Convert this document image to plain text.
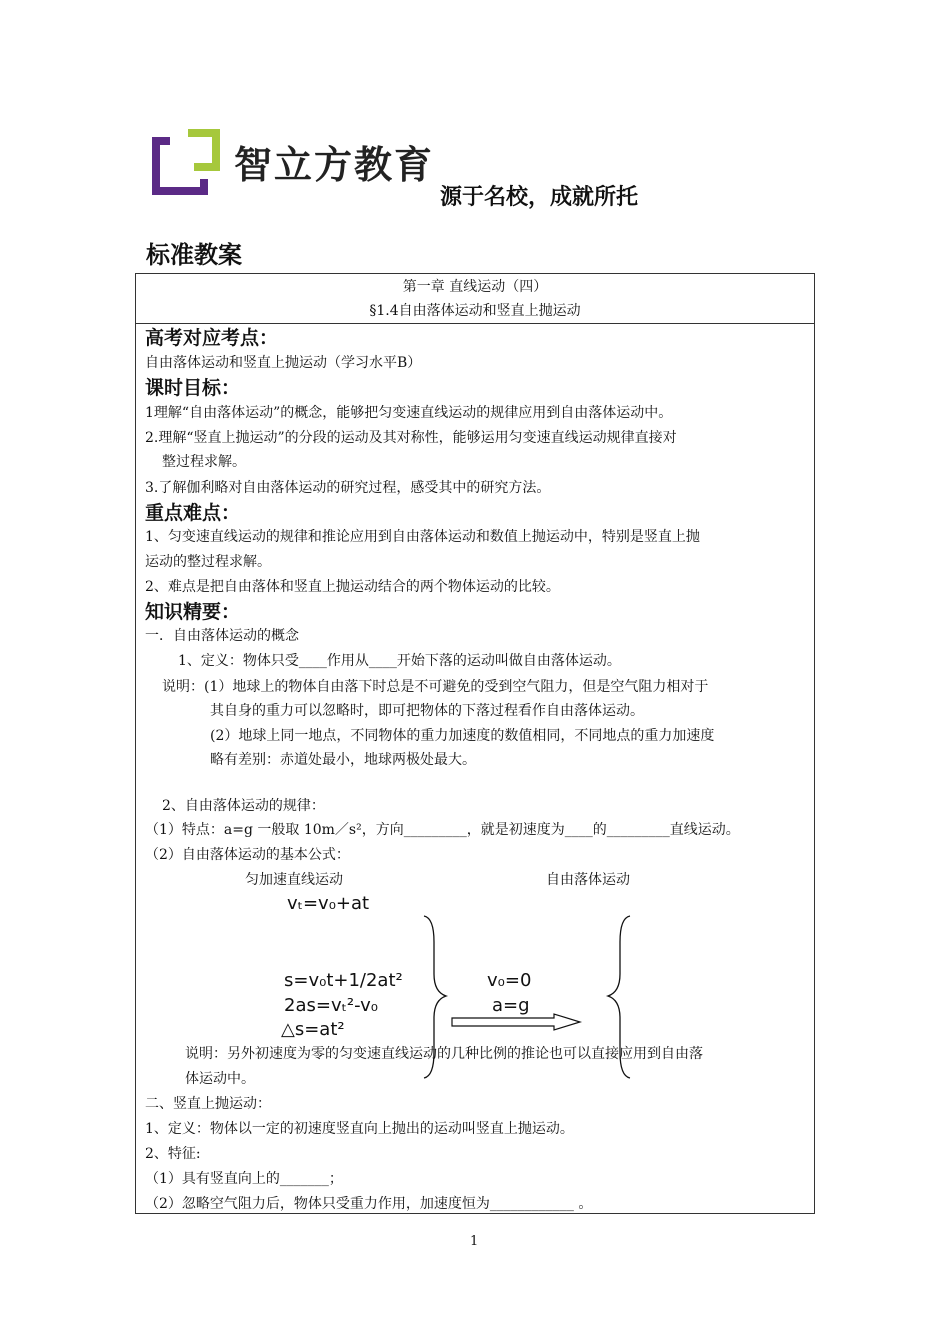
智立方教育
源于名校，成就所托
标准教案
第一章 直线运动（四）
§1.4自由落体运动和竖直上抛运动
高考对应考点：
自由落体运动和竖直上抛运动（学习水平B）
课时目标：
1理解“自由落体运动”的概念，能够把匀变速直线运动的规律应用到自由落体运动中。
2.理解“竖直上抛运动”的分段的运动及其对称性，能够运用匀变速直线运动规律直接对
整过程求解。
3.了解伽利略对自由落体运动的研究过程，感受其中的研究方法。
重点难点：
1、匀变速直线运动的规律和推论应用到自由落体运动和数值上抛运动中，特别是竖直上抛
运动的整过程求解。
2、难点是把自由落体和竖直上抛运动结合的两个物体运动的比较。
知识精要：
一．自由落体运动的概念
1、定义：物体只受____作用从____开始下落的运动叫做自由落体运动。
说明：(1）地球上的物体自由落下时总是不可避免的受到空气阻力，但是空气阻力相对于
其自身的重力可以忽略时，即可把物体的下落过程看作自由落体运动。
(2）地球上同一地点，不同物体的重力加速度的数值相同，不同地点的重力加速度
略有差别：赤道处最小，地球两极处最大。
2、自由落体运动的规律：
（1）特点：a=g 一般取 10m／s²，方向_________，就是初速度为____的_________直线运动。
（2）自由落体运动的基本公式：
匀加速直线运动	自由落体运动
vₜ=v₀+at
s=v₀t+1/2at²
2as=vₜ²-v₀
△s=at²
v₀=0
a=g
说明：另外初速度为零的匀变速直线运动的几种比例的推论也可以直接应用到自由落
体运动中。
二、竖直上抛运动：
1、定义：物体以一定的初速度竖直向上抛出的运动叫竖直上抛运动。
2、特征:
（1）具有竖直向上的_______；
（2）忽略空气阻力后，物体只受重力作用，加速度恒为____________ 。
1
